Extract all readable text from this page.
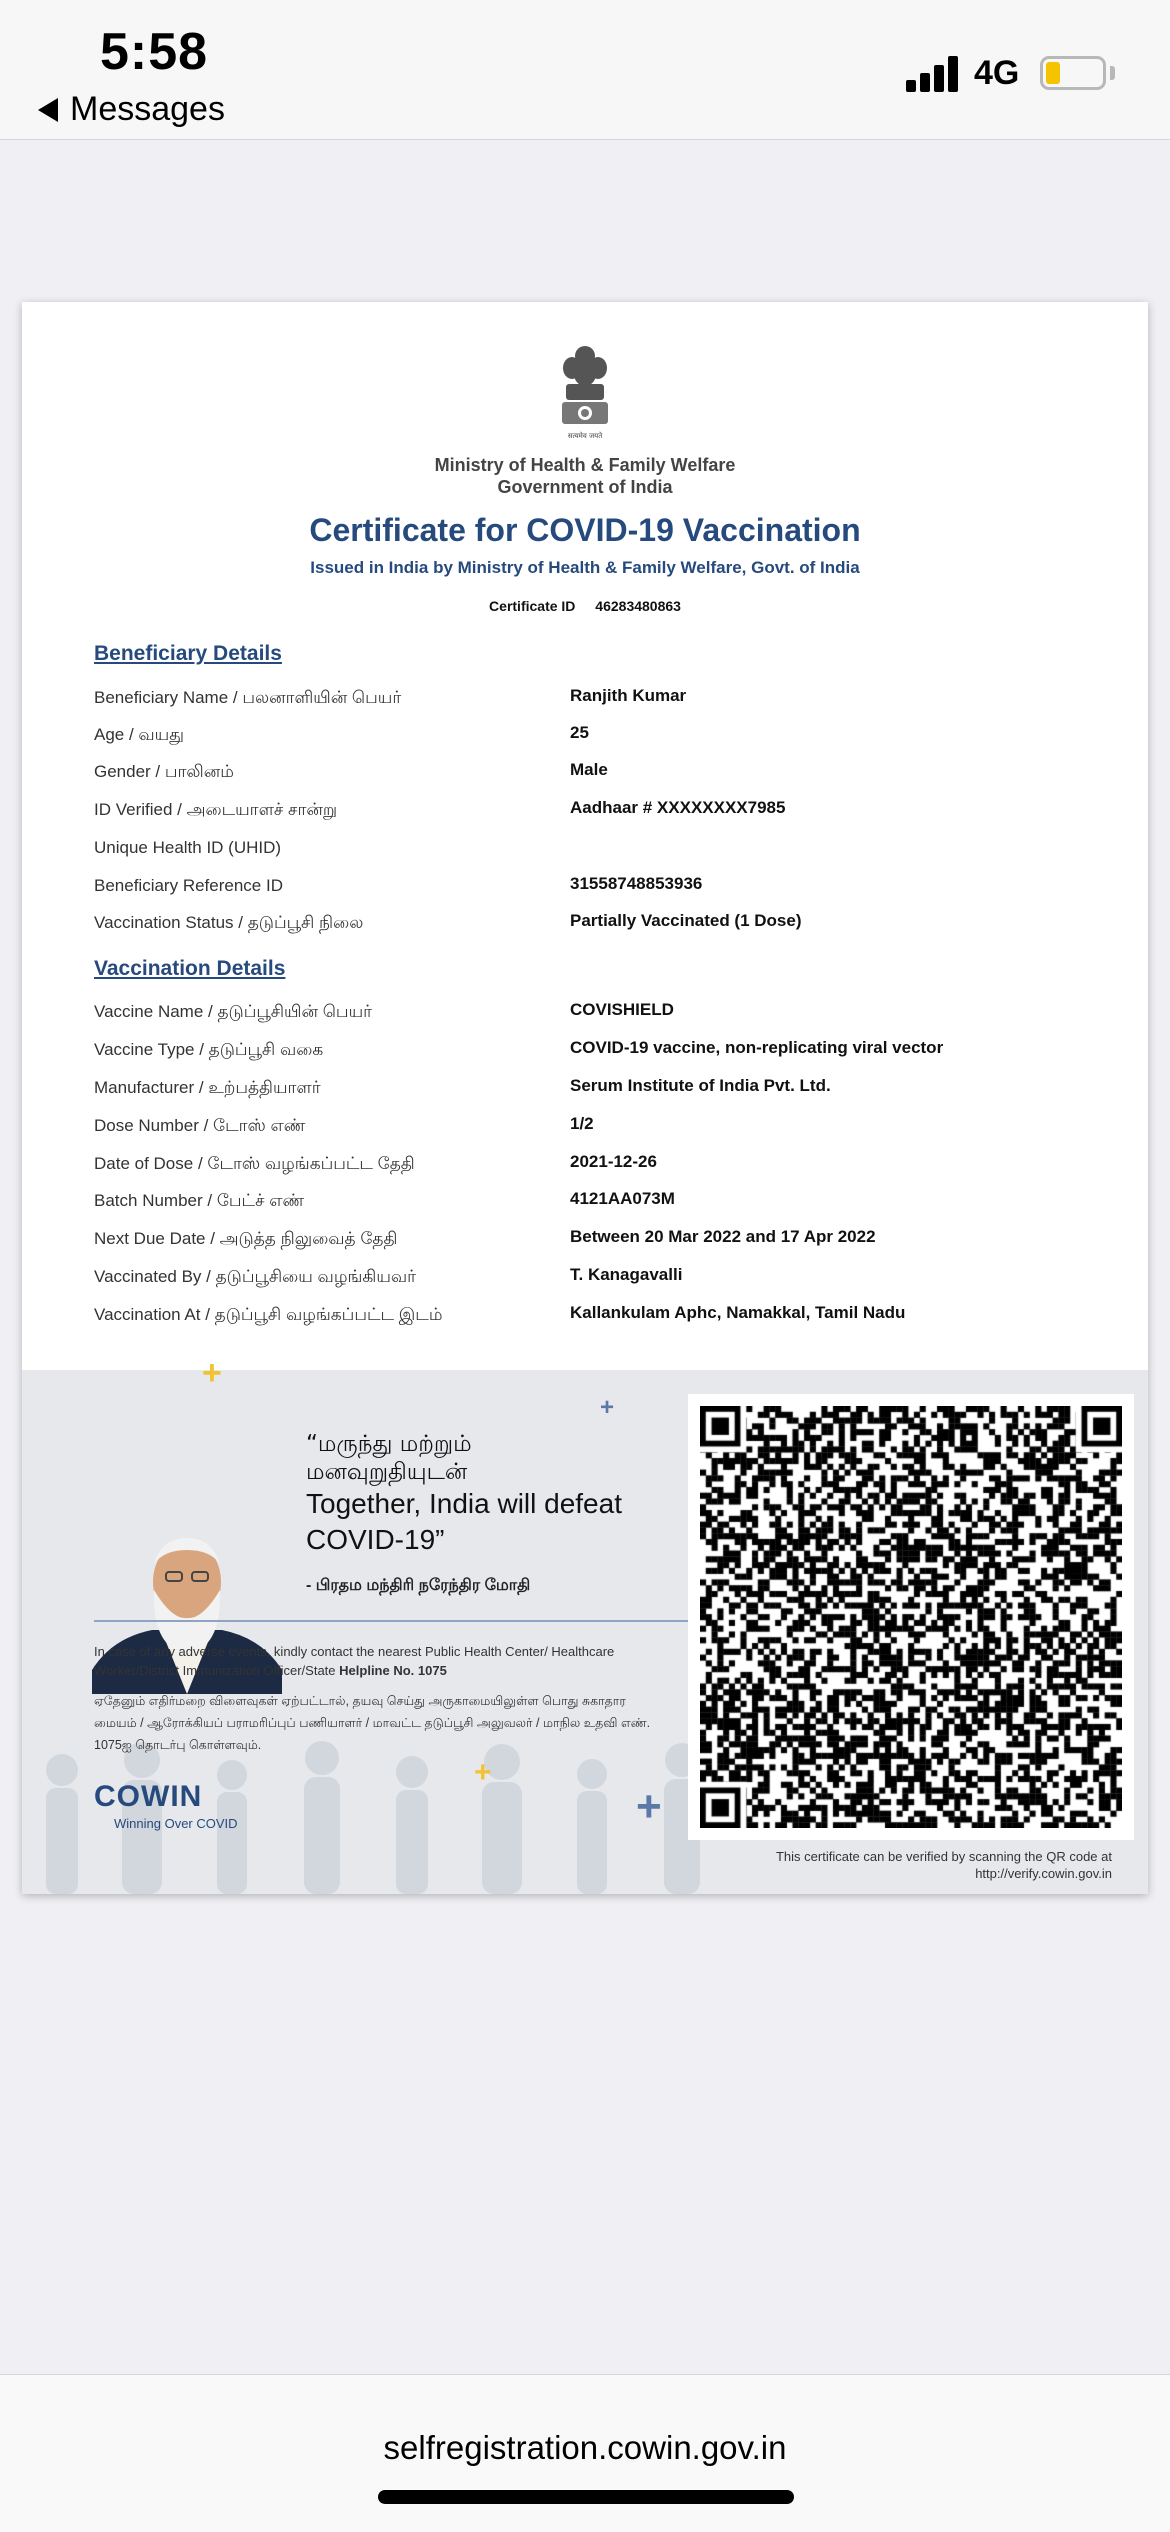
5:58
Messages
4G
सत्यमेव जयते
Ministry of Health & Family Welfare
Government of India
Certificate for COVID-19 Vaccination
Issued in India by Ministry of Health & Family Welfare, Govt. of India
Certificate ID 46283480863
Beneficiary Details
Beneficiary Name / பலனாளியின் பெயர்	Ranjith Kumar
Age / வயது	25
Gender / பாலினம்	Male
ID Verified / அடையாளச் சான்று	Aadhaar # XXXXXXXX7985
Unique Health ID (UHID)
Beneficiary Reference ID	31558748853936
Vaccination Status / தடுப்பூசி நிலை	Partially Vaccinated (1 Dose)
Vaccination Details
Vaccine Name / தடுப்பூசியின் பெயர்	COVISHIELD
Vaccine Type / தடுப்பூசி வகை	COVID-19 vaccine, non-replicating viral vector
Manufacturer / உற்பத்தியாளர்	Serum Institute of India Pvt. Ltd.
Dose Number / டோஸ் எண்	1/2
Date of Dose / டோஸ் வழங்கப்பட்ட தேதி	2021-12-26
Batch Number / பேட்ச் எண்	4121AA073M
Next Due Date / அடுத்த நிலுவைத் தேதி	Between 20 Mar 2022 and 17 Apr 2022
Vaccinated By / தடுப்பூசியை வழங்கியவர்	T. Kanagavalli
Vaccination At / தடுப்பூசி வழங்கப்பட்ட இடம்	Kallankulam Aphc, Namakkal, Tamil Nadu
+
+
+
+
“மருந்து மற்றும்
மனவுறுதியுடன்
Together, India will defeat COVID-19”
- பிரதம மந்திரி நரேந்திர மோதி
In case of any adverse events, kindly contact the nearest Public Health Center/ Healthcare Worker/District Immunization Officer/State Helpline No. 1075
ஏதேனும் எதிர்மறை விளைவுகள் ஏற்பட்டால், தயவு செய்து அருகாமையிலுள்ள பொது சுகாதார மையம் / ஆரோக்கியப் பராமரிப்புப் பணியாளர் / மாவட்ட தடுப்பூசி அலுவலர் / மாநில உதவி எண். 1075ஐ தொடர்பு கொள்ளவும்.
COWIN
Winning Over COVID
This certificate can be verified by scanning the QR code at
http://verify.cowin.gov.in
selfregistration.cowin.gov.in
